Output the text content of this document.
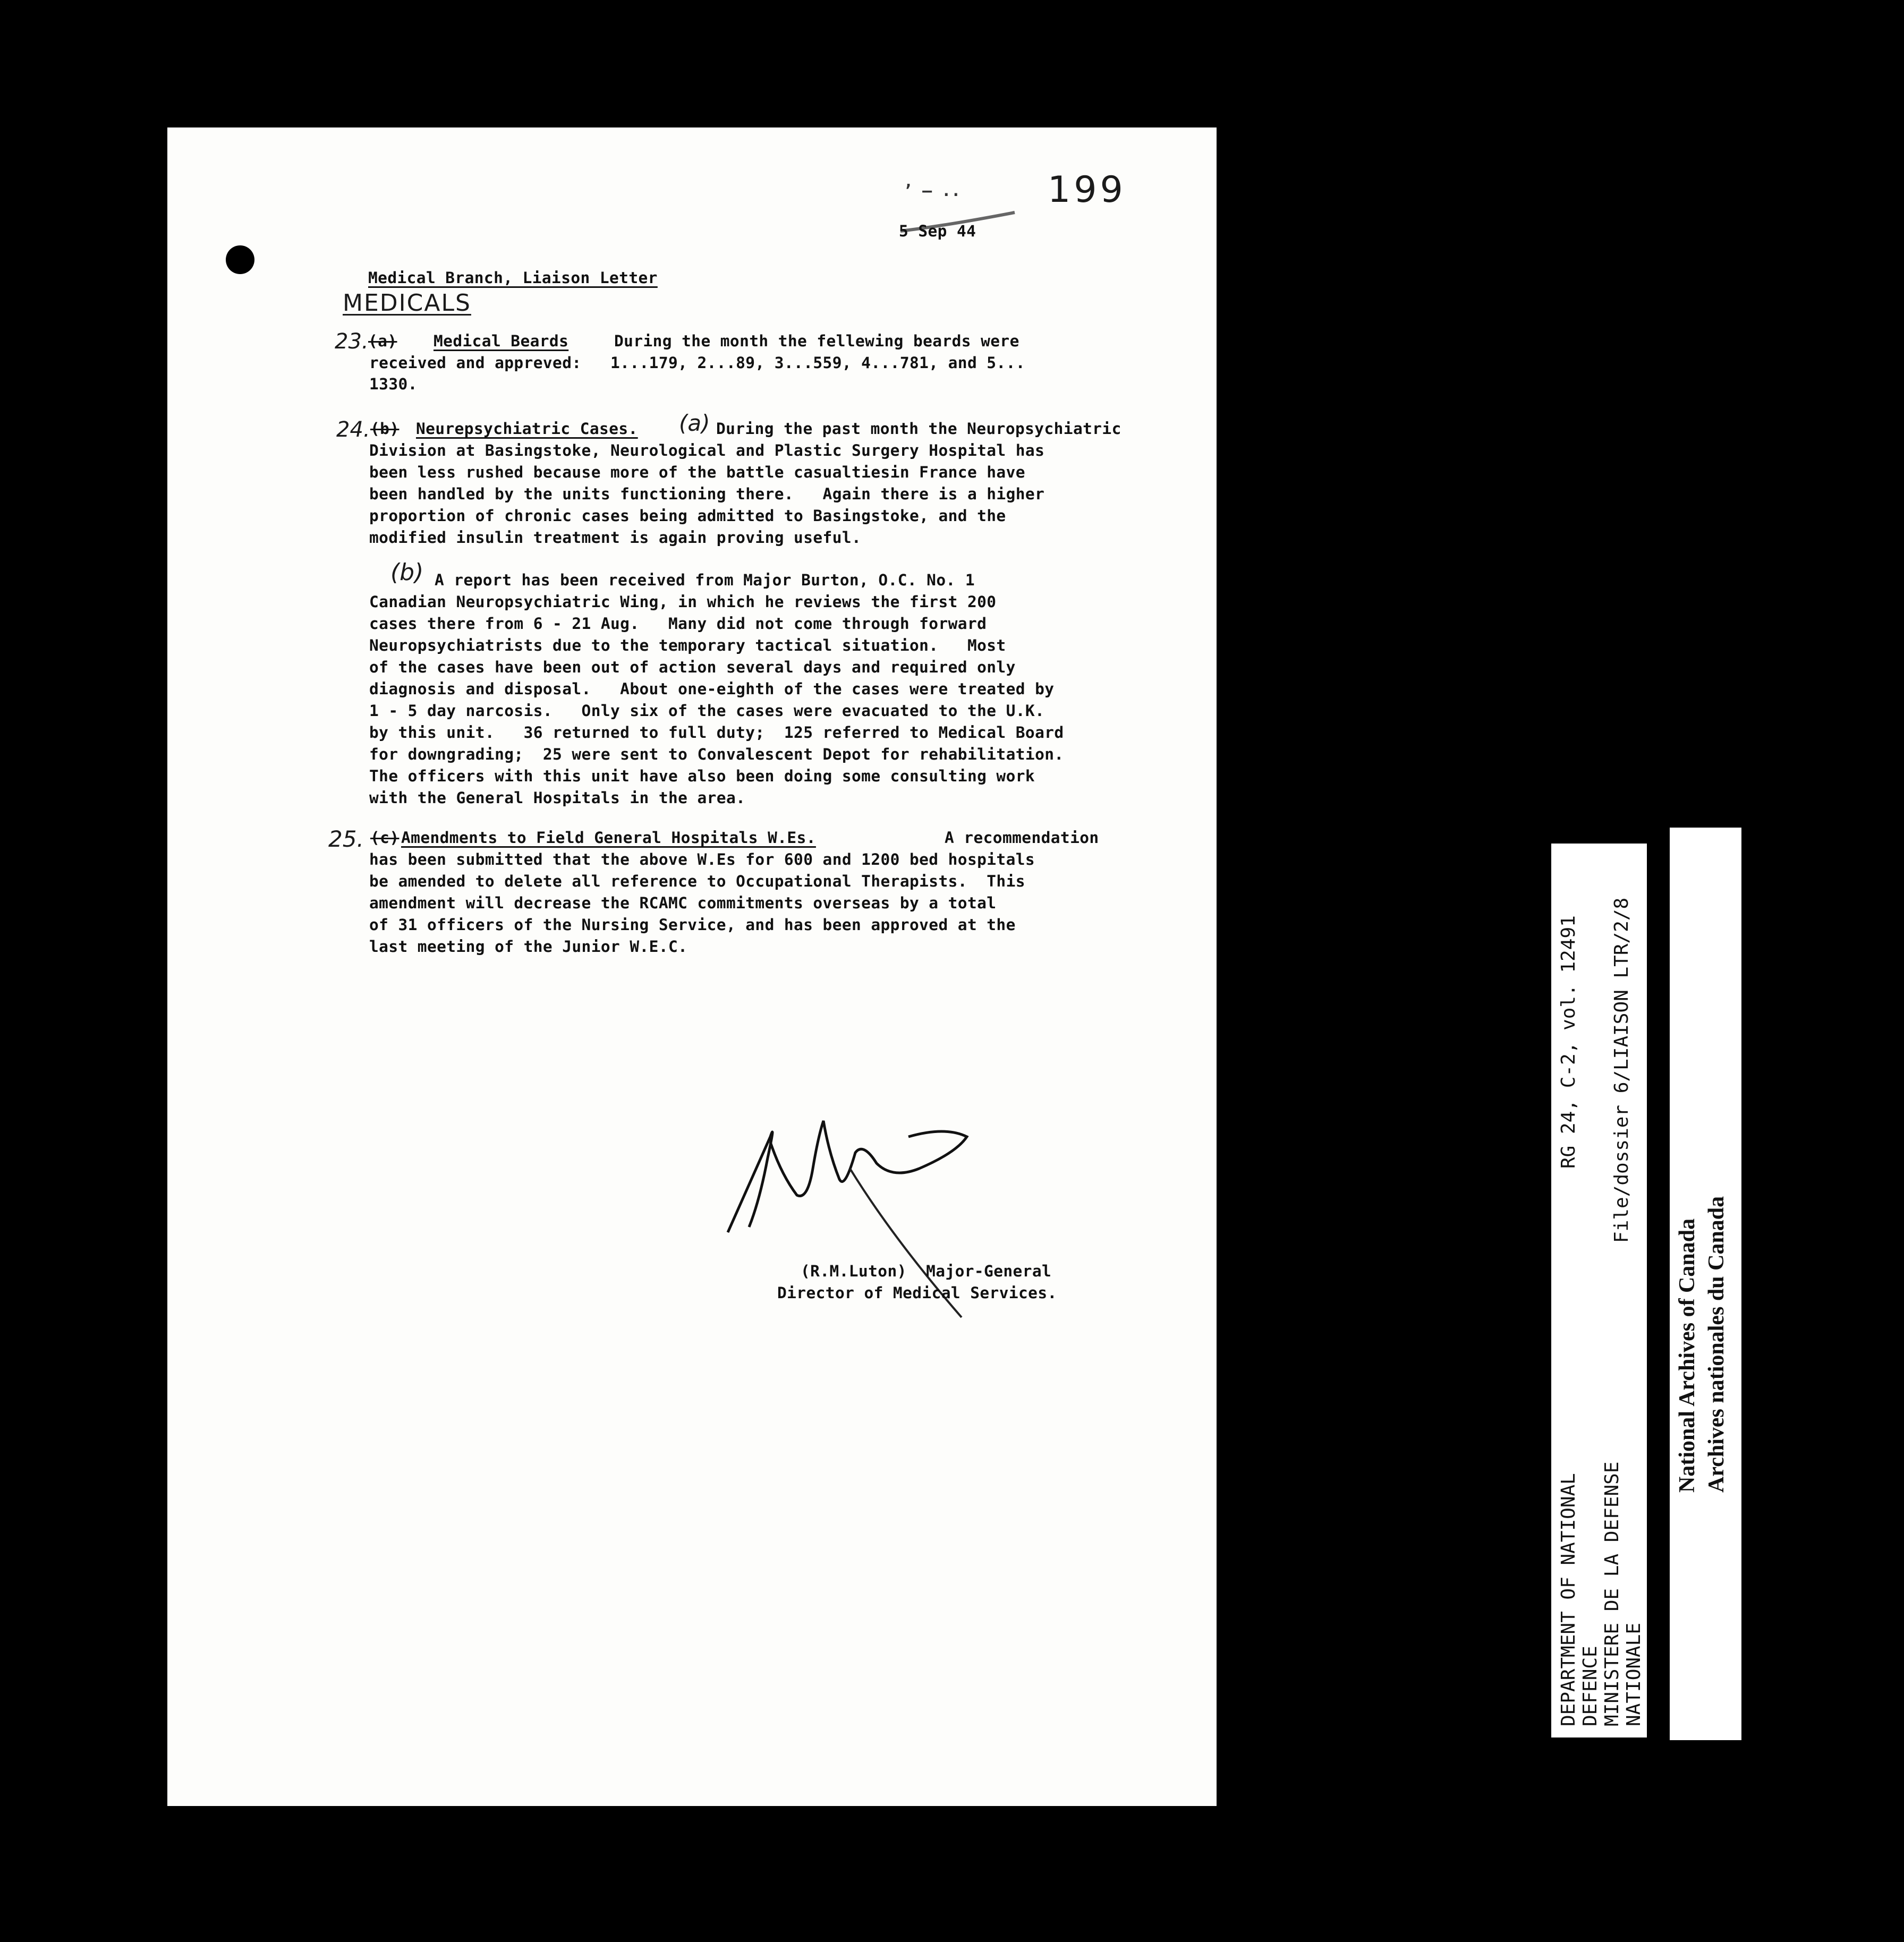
199
’ — ..
5 Sep 44
Medical Branch, Liaison Letter
MEDICALS
23. (a) Medical Beards	During the month the fellewing beards were
received and appreved:   1...179, 2...89, 3...559, 4...781, and 5...
1330.
24. (b) Neurepsychiatric Cases. (a) During the past month the Neuropsychiatric
Division at Basingstoke, Neurological and Plastic Surgery Hospital has
been less rushed because more of the battle casualtiesin France have
been handled by the units functioning there.   Again there is a higher
proportion of chronic cases being admitted to Basingstoke, and the
modified insulin treatment is again proving useful.
(b) A report has been received from Major Burton, O.C. No. 1
Canadian Neuropsychiatric Wing, in which he reviews the first 200
cases there from 6 - 21 Aug.   Many did not come through forward
Neuropsychiatrists due to the temporary tactical situation.   Most
of the cases have been out of action several days and required only
diagnosis and disposal.   About one-eighth of the cases were treated by
1 - 5 day narcosis.   Only six of the cases were evacuated to the U.K.
by this unit.   36 returned to full duty;  125 referred to Medical Board
for downgrading;  25 were sent to Convalescent Depot for rehabilitation.
The officers with this unit have also been doing some consulting work
with the General Hospitals in the area.
25. (c) Amendments to Field General Hospitals W.Es.	A recommendation
has been submitted that the above W.Es for 600 and 1200 bed hospitals
be amended to delete all reference to Occupational Therapists.  This
amendment will decrease the RCAMC commitments overseas by a total
of 31 officers of the Nursing Service, and has been approved at the
last meeting of the Junior W.E.C.
(R.M.Luton)  Major-General
Director of Medical Services.
DEPARTMENT OF NATIONAL DEFENCE MINISTERE DE LA DEFENSE NATIONALE
RG 24, C-2, vol. 12491 File/dossier 6/LIAISON LTR/2/8
National Archives of Canada Archives nationales du Canada
